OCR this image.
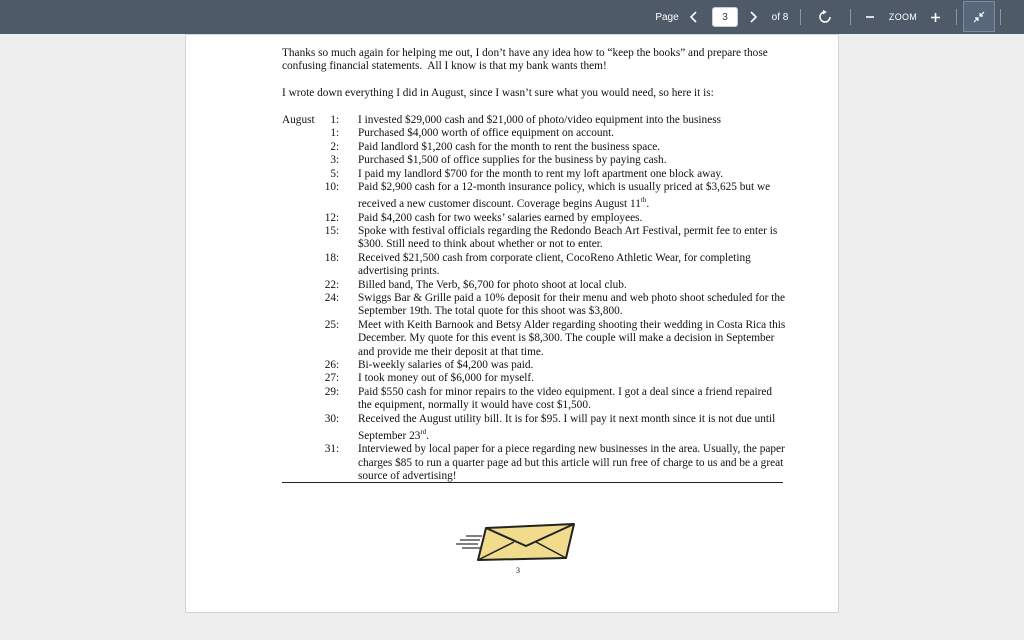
Page
3	of 8	ZOOM
Thanks so much again for helping me out, I don’t have any idea how to “keep the books” and prepare those confusing financial statements. All I know is that my bank wants them!
I wrote down everything I did in August, since I wasn’t sure what you would need, so here it is:
August	1 :	I invested $29,000 cash and $21,000 of photo/video equipment into the business
1 :	Purchased $4,000 worth of office equipment on account.
2 :	Paid landlord $1,200 cash for the month to rent the business space.
3 :	Purchased $1,500 of office supplies for the business by paying cash.
5 :	I paid my landlord $700 for the month to rent my loft apartment one block away.
10 :	Paid $2,900 cash for a 12-month insurance policy, which is usually priced at $3,625 but we received a new customer discount. Coverage begins August 11th.
12 :	Paid $4,200 cash for two weeks’ salaries earned by employees.
15 :	Spoke with festival officials regarding the Redondo Beach Art Festival, permit fee to enter is $300. Still need to think about whether or not to enter.
18 :	Received $21,500 cash from corporate client, CocoReno Athletic Wear, for completing advertising prints.
22 :	Billed band, The Verb, $6,700 for photo shoot at local club.
24 :	Swiggs Bar & Grille paid a 10% deposit for their menu and web photo shoot scheduled for the September 19th. The total quote for this shoot was $3,800.
25 :	Meet with Keith Barnook and Betsy Alder regarding shooting their wedding in Costa Rica this December. My quote for this event is $8,300. The couple will make a decision in September and provide me their deposit at that time.
26 :	Bi-weekly salaries of $4,200 was paid.
27 :	I took money out of $6,000 for myself.
29 :	Paid $550 cash for minor repairs to the video equipment. I got a deal since a friend repaired the equipment, normally it would have cost $1,500.
30 :	Received the August utility bill. It is for $95. I will pay it next month since it is not due until September 23rd.
31 :	Interviewed by local paper for a piece regarding new businesses in the area. Usually, the paper charges $85 to run a quarter page ad but this article will run free of charge to us and be a great source of advertising!
3
